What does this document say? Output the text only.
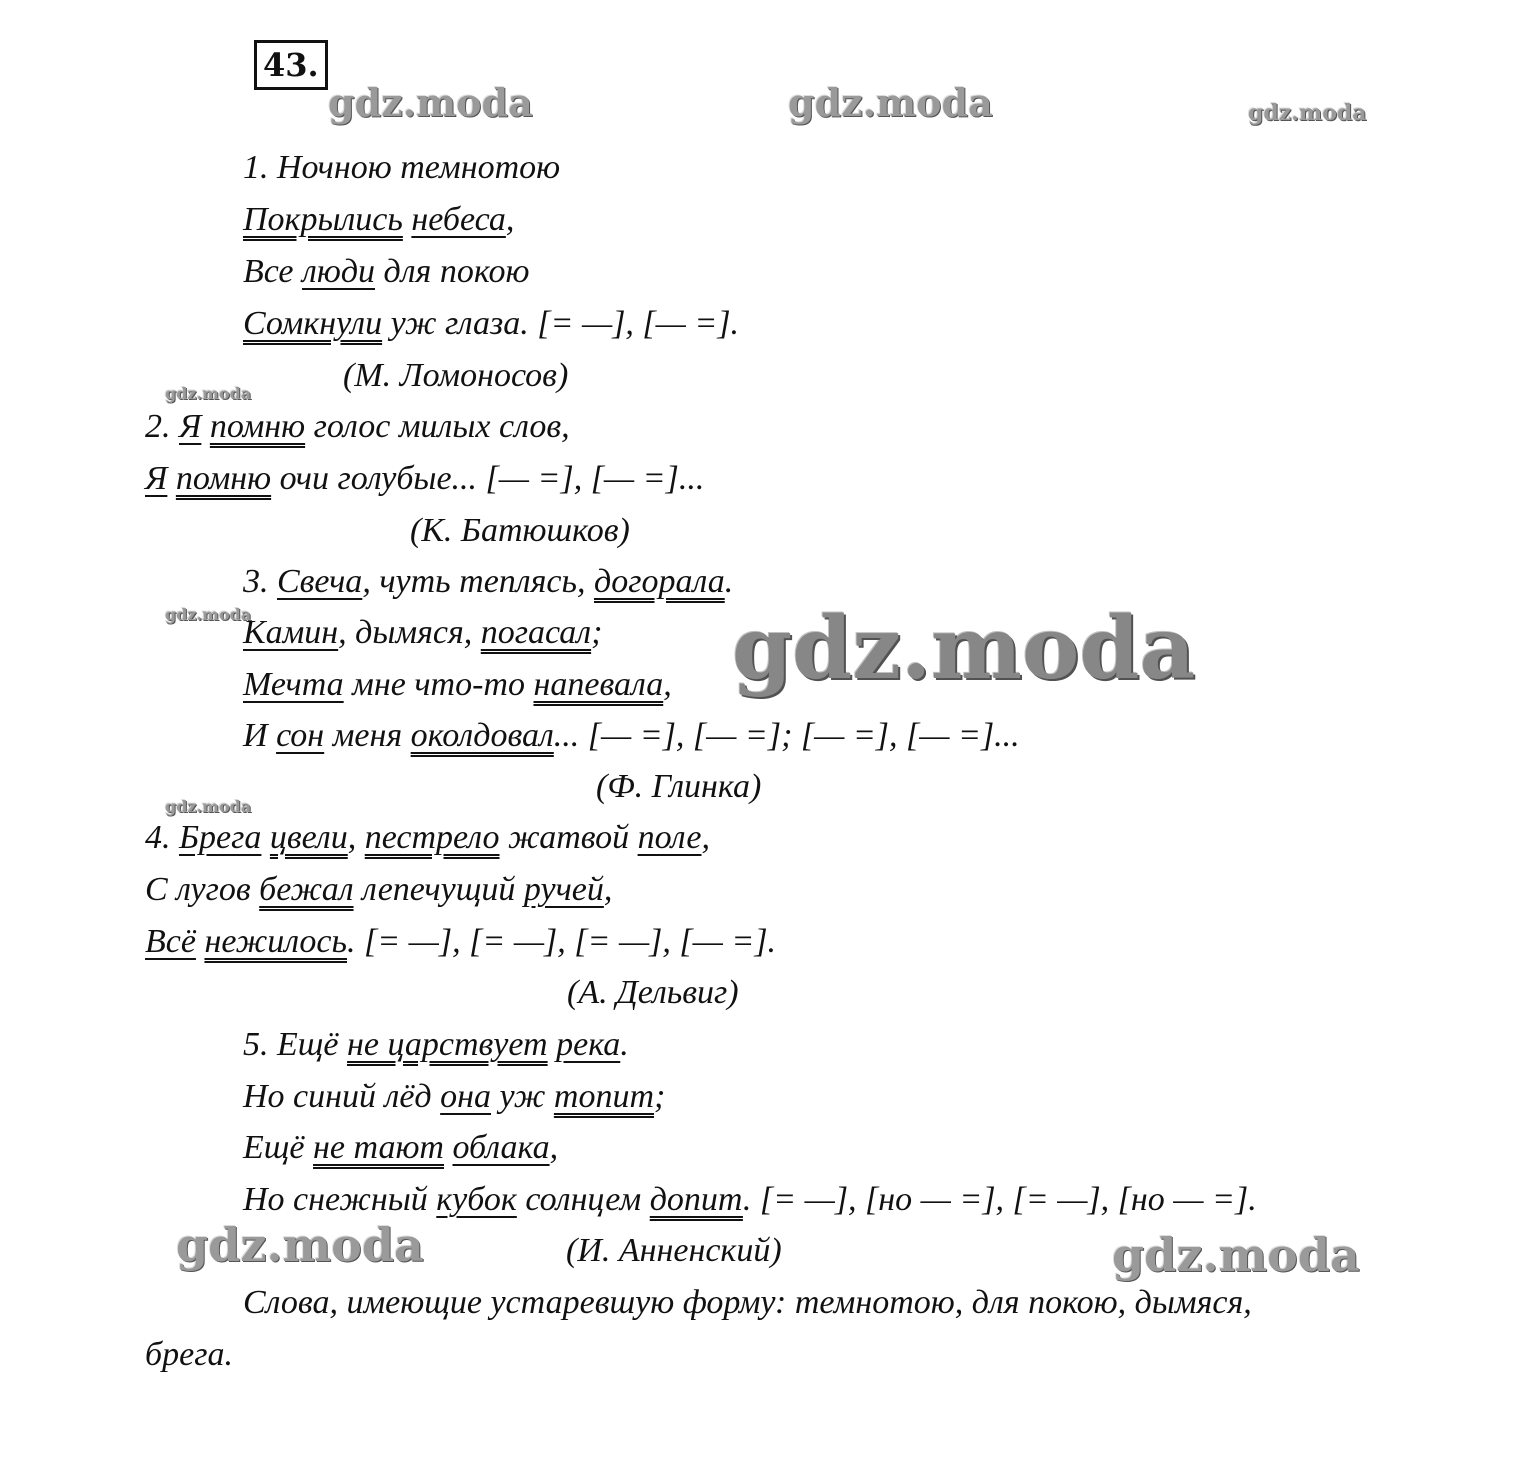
43.
gdz.moda	gdz.moda	gdz.moda
gdz.moda
gdz.moda
gdz.moda
gdz.moda	gdz.moda
1. Ночною темнотою
Покрылись небеса,
Все люди для покою
Сомкнули уж глаза. [= —], [— =].
(М. Ломоносов)
2. Я помню голос милых слов,
Я помню очи голубые... [— =], [— =]...
(К. Батюшков)
3. Свеча, чуть теплясь, догорала.
Камин, дымяся, погасал;
Мечта мне что-то напевала,
И сон меня околдовал... [— =], [— =]; [— =], [— =]...
(Ф. Глинка)
gdz.moda
4. Брега цвели, пестрело жатвой поле,
С лугов бежал лепечущий ручей,
Всё нежилось. [= —], [= —], [= —], [— =].
(А. Дельвиг)
5. Ещё не царствует река.
Но синий лёд она уж топит;
Ещё не тают облака,
Но снежный кубок солнцем допит. [= —], [но — =], [= —], [но — =].
(И. Анненский)
Слова, имеющие устаревшую форму: темнотою, для покою, дымяся,
брега.
